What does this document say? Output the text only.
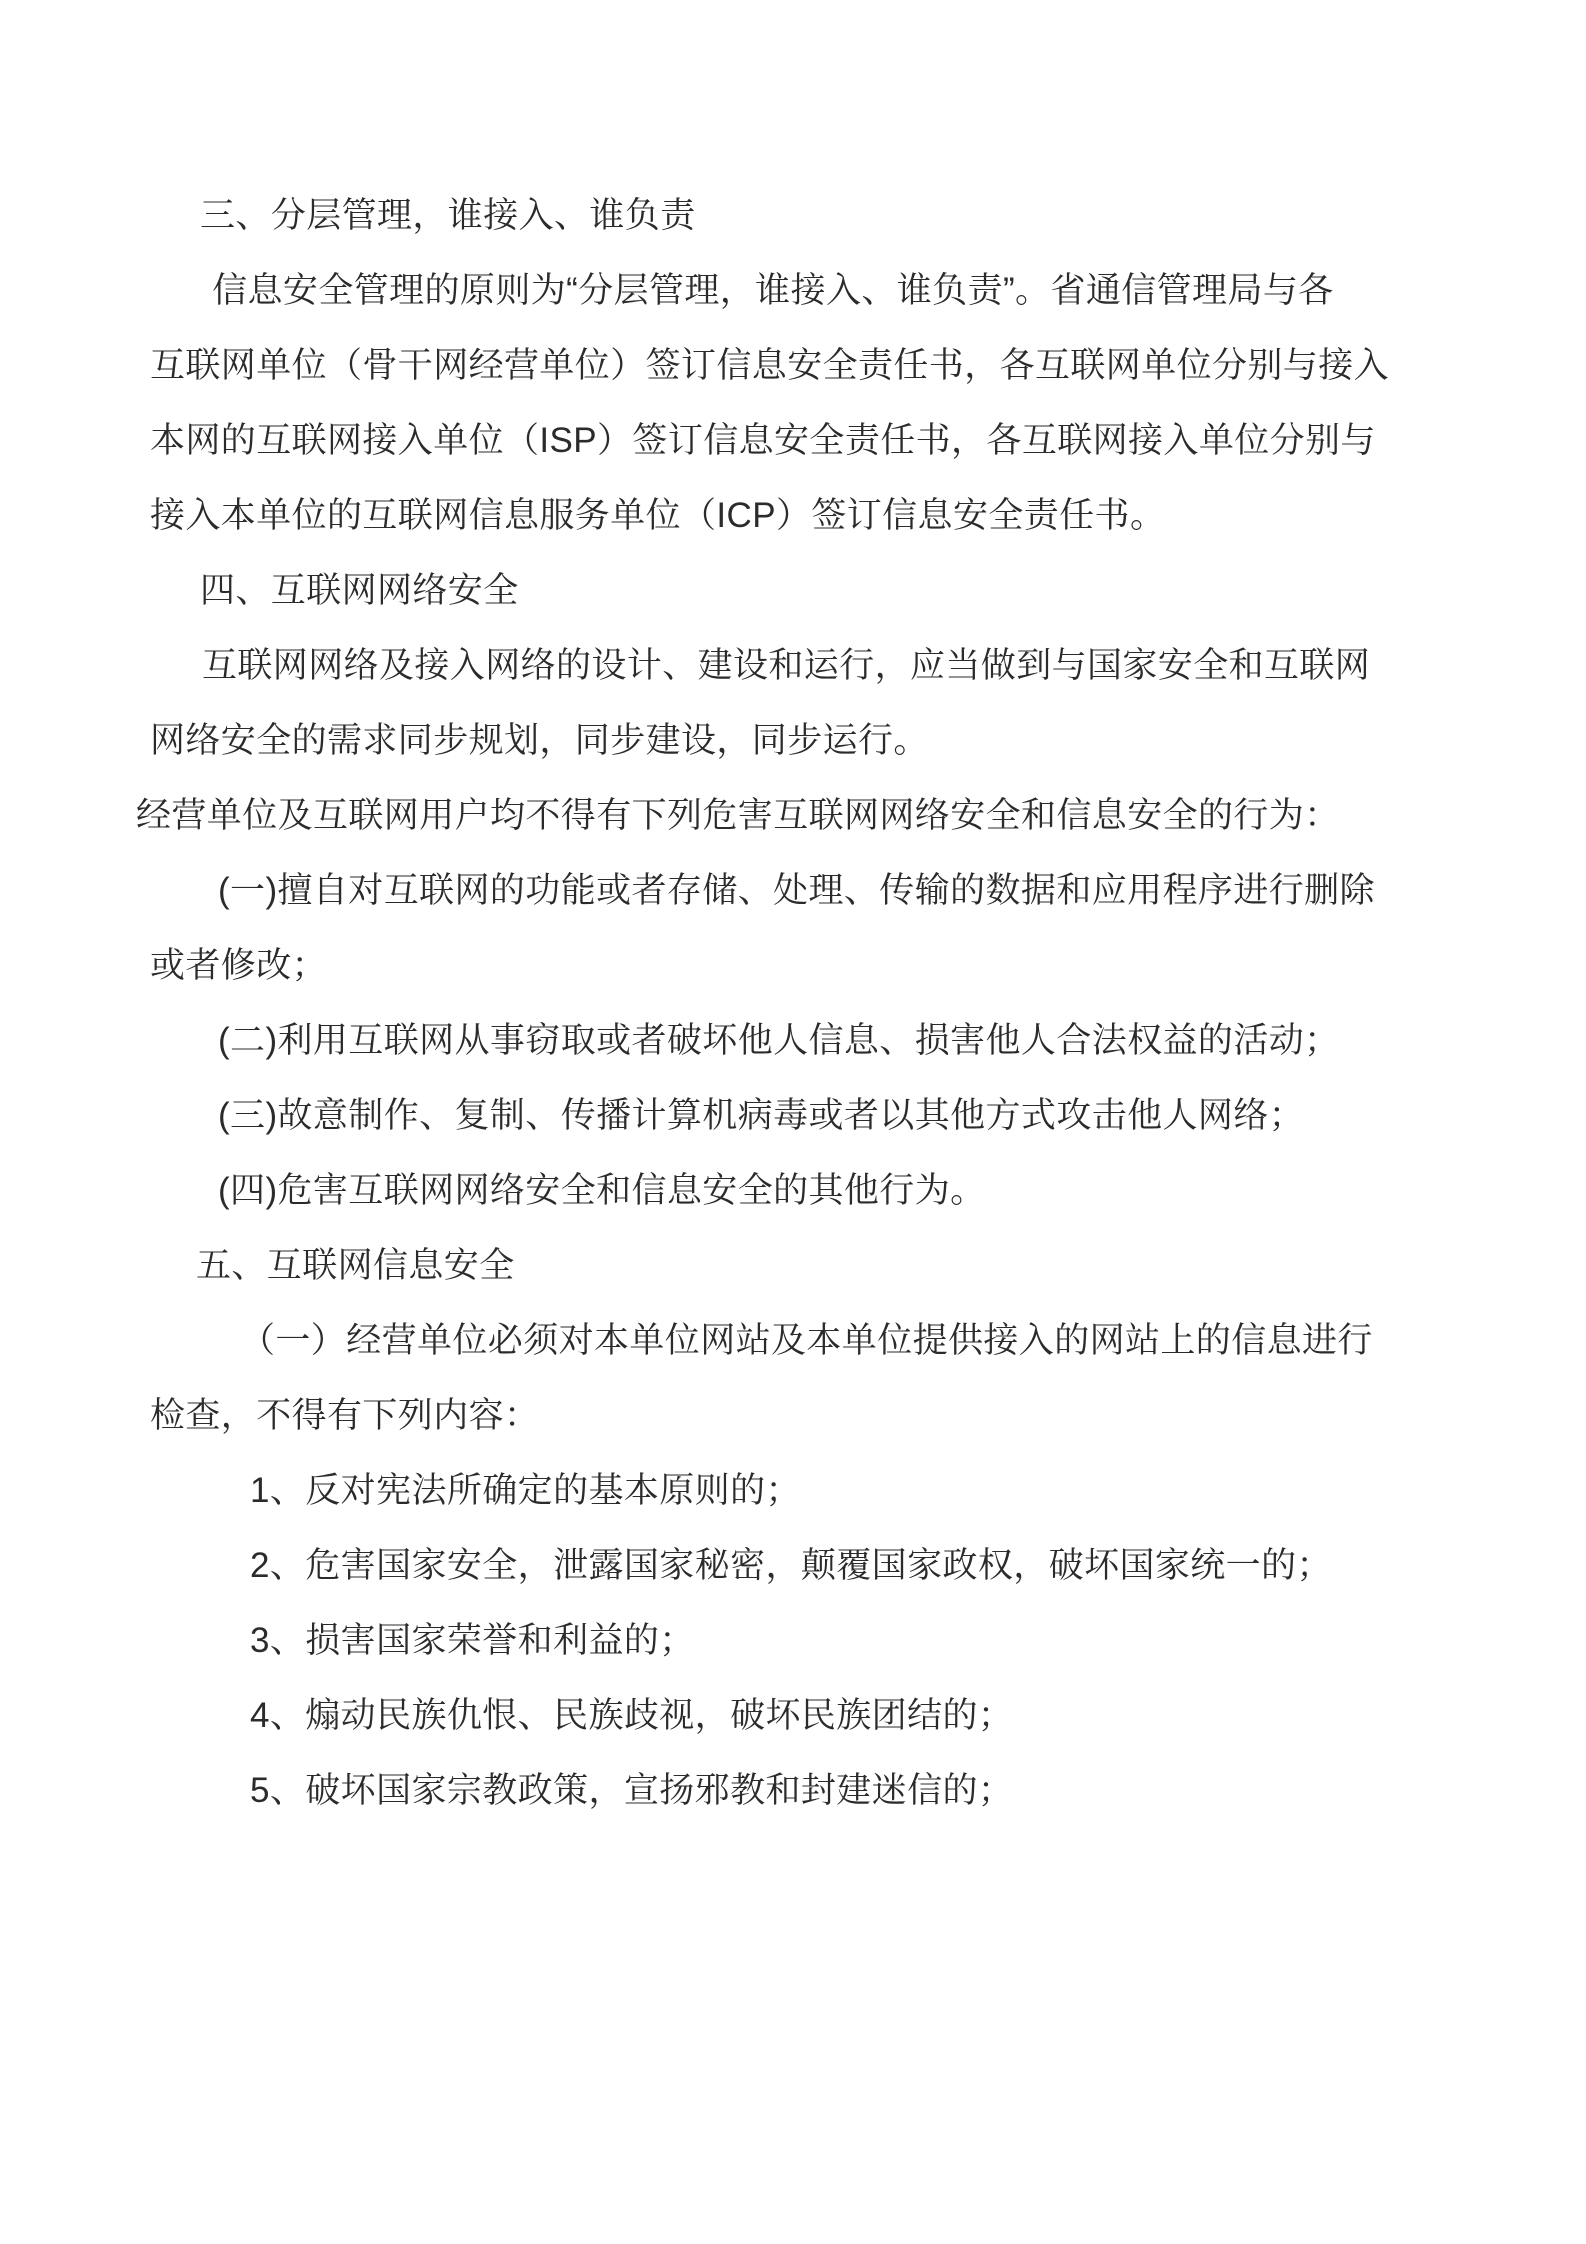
三、分层管理，谁接入、谁负责

信息安全管理的原则为“分层管理，谁接入、谁负责”。省通信管理局与各

互联网单位（骨干网经营单位）签订信息安全责任书，各互联网单位分别与接入

本网的互联网接入单位（ISP）签订信息安全责任书，各互联网接入单位分别与

接入本单位的互联网信息服务单位（ICP）签订信息安全责任书。

四、互联网网络安全

互联网网络及接入网络的设计、建设和运行，应当做到与国家安全和互联网

网络安全的需求同步规划，同步建设，同步运行。

经营单位及互联网用户均不得有下列危害互联网网络安全和信息安全的行为：

(一)擅自对互联网的功能或者存储、处理、传输的数据和应用程序进行删除

或者修改；

(二)利用互联网从事窃取或者破坏他人信息、损害他人合法权益的活动；

(三)故意制作、复制、传播计算机病毒或者以其他方式攻击他人网络；

(四)危害互联网网络安全和信息安全的其他行为。

五、互联网信息安全

（一）经营单位必须对本单位网站及本单位提供接入的网站上的信息进行

检查，不得有下列内容：

1、反对宪法所确定的基本原则的；

2、危害国家安全，泄露国家秘密，颠覆国家政权，破坏国家统一的；

3、损害国家荣誉和利益的；

4、煽动民族仇恨、民族歧视，破坏民族团结的；

5、破坏国家宗教政策，宣扬邪教和封建迷信的；
